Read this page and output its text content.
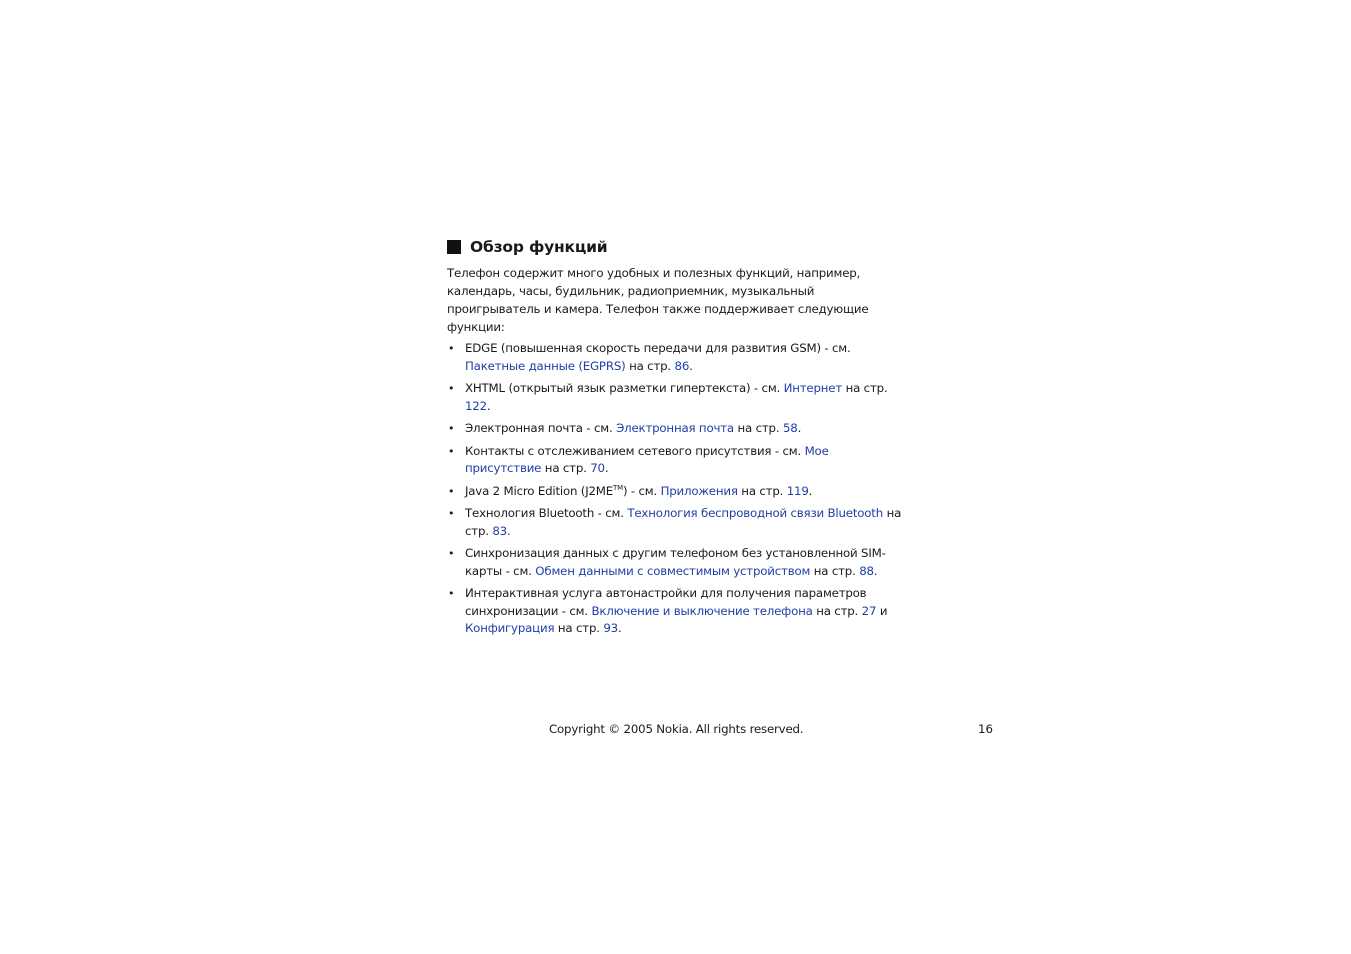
Обзор функций

Телефон содержит много удобных и полезных функций, например, календарь, часы, будильник, радиоприемник, музыкальный проигрыватель и камера. Телефон также поддерживает следующие функции:

• EDGE (повышенная скорость передачи для развития GSM) - см. Пакетные данные (EGPRS) на стр. 86.
• XHTML (открытый язык разметки гипертекста) - см. Интернет на стр. 122.
• Электронная почта - см. Электронная почта на стр. 58.
• Контакты с отслеживанием сетевого присутствия - см. Мое присутствие на стр. 70.
• Java 2 Micro Edition (J2ME™) - см. Приложения на стр. 119.
• Технология Bluetooth - см. Технология беспроводной связи Bluetooth на стр. 83.
• Синхронизация данных с другим телефоном без установленной SIM-карты - см. Обмен данными с совместимым устройством на стр. 88.
• Интерактивная услуга автонастройки для получения параметров синхронизации - см. Включение и выключение телефона на стр. 27 и Конфигурация на стр. 93.
Copyright © 2005 Nokia. All rights reserved.	16
